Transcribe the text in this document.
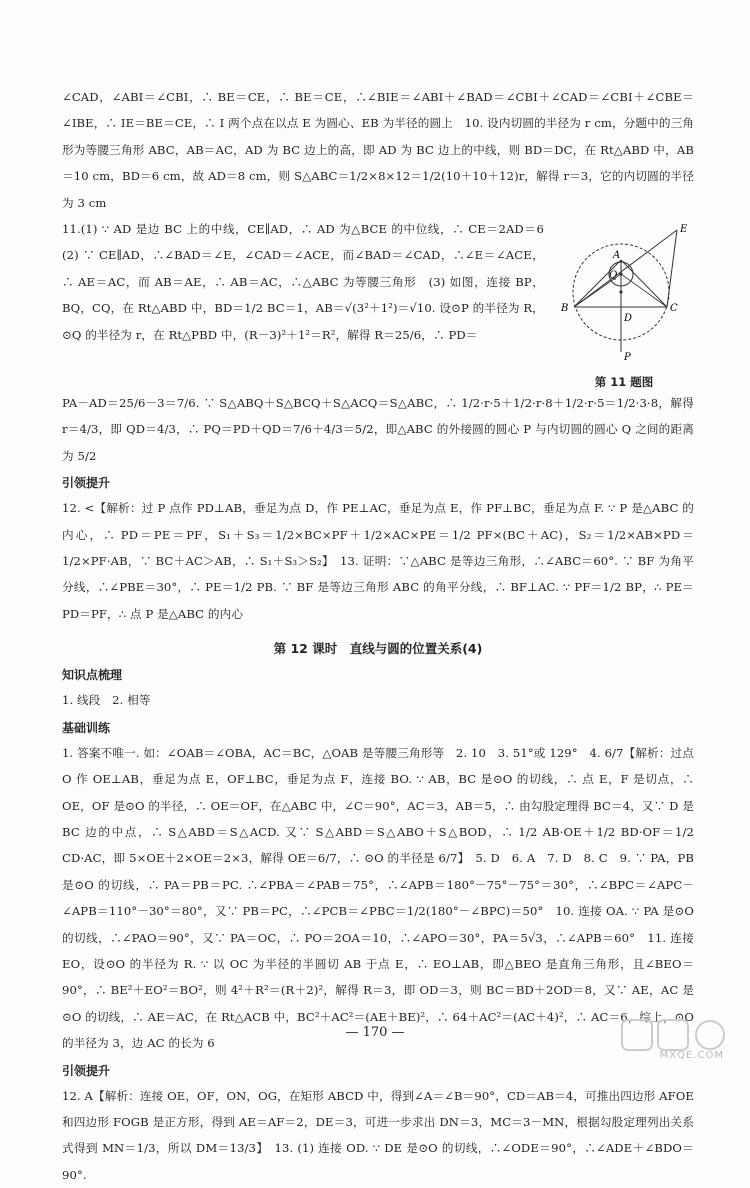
∠CAD，∠ABI＝∠CBI，∴ BE＝CE，∴ BE＝CE，∴∠BIE＝∠ABI＋∠BAD＝∠CBI＋∠CAD＝∠CBI＋∠CBE＝∠IBE，∴ IE＝BE＝CE，∴ I 两个点在以点 E 为圆心、EB 为半径的圆上　10. 设内切圆的半径为 r cm，分题中的三角形为等腰三角形 ABC，AB＝AC，AD 为 BC 边上的高，即 AD 为 BC 边上的中线，则 BD＝DC，在 Rt△ABD 中，AB＝10 cm，BD＝6 cm，故 AD＝8 cm，则 S△ABC＝1/2×8×12＝1/2(10＋10＋12)r，解得 r＝3，它的内切圆的半径为 3 cm

11.(1) ∵ AD 是边 BC 上的中线，CE∥AD，∴ AD 为△BCE 的中位线，∴ CE＝2AD＝6　(2) ∵ CE∥AD，∴∠BAD＝∠E，∠CAD＝∠ACE，而∠BAD＝∠CAD，∴∠E＝∠ACE，∴ AE＝AC，而 AB＝AE，∴ AB＝AC，∴△ABC 为等腰三角形　(3) 如图，连接 BP，BQ，CQ，在 Rt△ABD 中，BD＝1/2 BC＝1，AB＝√(3²＋1²)＝√10. 设⊙P 的半径为 R，⊙Q 的半径为 r，在 Rt△PBD 中，(R－3)²＋1²＝R²，解得 R＝25/6，∴ PD＝

E
A
Q
B	C
D
P
第 11 题图

PA－AD＝25/6－3＝7/6. ∵ S△ABQ＋S△BCQ＋S△ACQ＝S△ABC，∴ 1/2·r·5＋1/2·r·8＋1/2·r·5＝1/2·3·8，解得 r＝4/3，即 QD＝4/3，∴ PQ＝PD＋QD＝7/6＋4/3＝5/2，即△ABC 的外接圆的圆心 P 与内切圆的圆心 Q 之间的距离为 5/2

引领提升

12. <【解析：过 P 点作 PD⊥AB，垂足为点 D，作 PE⊥AC，垂足为点 E，作 PF⊥BC，垂足为点 F. ∵ P 是△ABC 的内心，∴ PD＝PE＝PF，S₁＋S₃＝1/2×BC×PF＋1/2×AC×PE＝1/2 PF×(BC＋AC)，S₂＝1/2×AB×PD＝1/2×PF·AB，∵ BC＋AC＞AB，∴ S₁＋S₃＞S₂】　13. 证明：∵△ABC 是等边三角形，∴∠ABC＝60°. ∵ BF 为角平分线，∴∠PBE＝30°，∴ PE＝1/2 PB. ∵ BF 是等边三角形 ABC 的角平分线，∴ BF⊥AC. ∵ PF＝1/2 BP，∴ PE＝PD＝PF，∴ 点 P 是△ABC 的内心

第 12 课时　直线与圆的位置关系(4)
知识点梳理

1. 线段　2. 相等

基础训练

1. 答案不唯一. 如：∠OAB＝∠OBA，AC＝BC，△OAB 是等腰三角形等　2. 10　3. 51°或 129°　4. 6/7【解析：过点 O 作 OE⊥AB，垂足为点 E，OF⊥BC，垂足为点 F，连接 BO. ∵ AB，BC 是⊙O 的切线，∴ 点 E，F 是切点，∴ OE，OF 是⊙O 的半径，∴ OE＝OF，在△ABC 中，∠C＝90°，AC＝3，AB＝5，∴ 由勾股定理得 BC＝4，又∵ D 是 BC 边的中点，∴ S△ABD＝S△ACD. 又∵ S△ABD＝S△ABO＋S△BOD，∴ 1/2 AB·OE＋1/2 BD·OF＝1/2 CD·AC，即 5×OE＋2×OE＝2×3，解得 OE＝6/7，∴ ⊙O 的半径是 6/7】　5. D　6. A　7. D　8. C　9. ∵ PA，PB 是⊙O 的切线，∴ PA＝PB＝PC. ∴∠PBA＝∠PAB＝75°，∴∠APB＝180°－75°－75°＝30°，∴∠BPC＝∠APC－∠APB＝110°－30°＝80°，又∵ PB＝PC，∴∠PCB＝∠PBC＝1/2(180°－∠BPC)＝50°　10. 连接 OA. ∵ PA 是⊙O 的切线，∴∠PAO＝90°，又∵ PA＝OC，∴ PO＝2OA＝10，∴∠APO＝30°，PA＝5√3，∴∠APB＝60°　11. 连接 EO，设⊙O 的半径为 R. ∵ 以 OC 为半径的半圆切 AB 于点 E，∴ EO⊥AB，即△BEO 是直角三角形，且∠BEO＝90°，∴ BE²＋EO²＝BO²，则 4²＋R²＝(R＋2)²，解得 R＝3，即 OD＝3，则 BC＝BD＋2OD＝8，又∵ AE，AC 是⊙O 的切线，∴ AE＝AC，在 Rt△ACB 中，BC²＋AC²＝(AE＋BE)²，∴ 64＋AC²＝(AC＋4)²，∴ AC＝6，综上，⊙O 的半径为 3，边 AC 的长为 6

引领提升

12. A【解析：连接 OE，OF，ON，OG，在矩形 ABCD 中，得到∠A＝∠B＝90°，CD＝AB＝4，可推出四边形 AFOE 和四边形 FOGB 是正方形，得到 AE＝AF＝2，DE＝3，可进一步求出 DN＝3，MC＝3－MN，根据勾股定理列出关系式得到 MN＝1/3，所以 DM＝13/3】　13. (1) 连接 OD. ∵ DE 是⊙O 的切线，∴∠ODE＝90°，∴∠ADE＋∠BDO＝90°.

— 170 —
MXQE.COM
